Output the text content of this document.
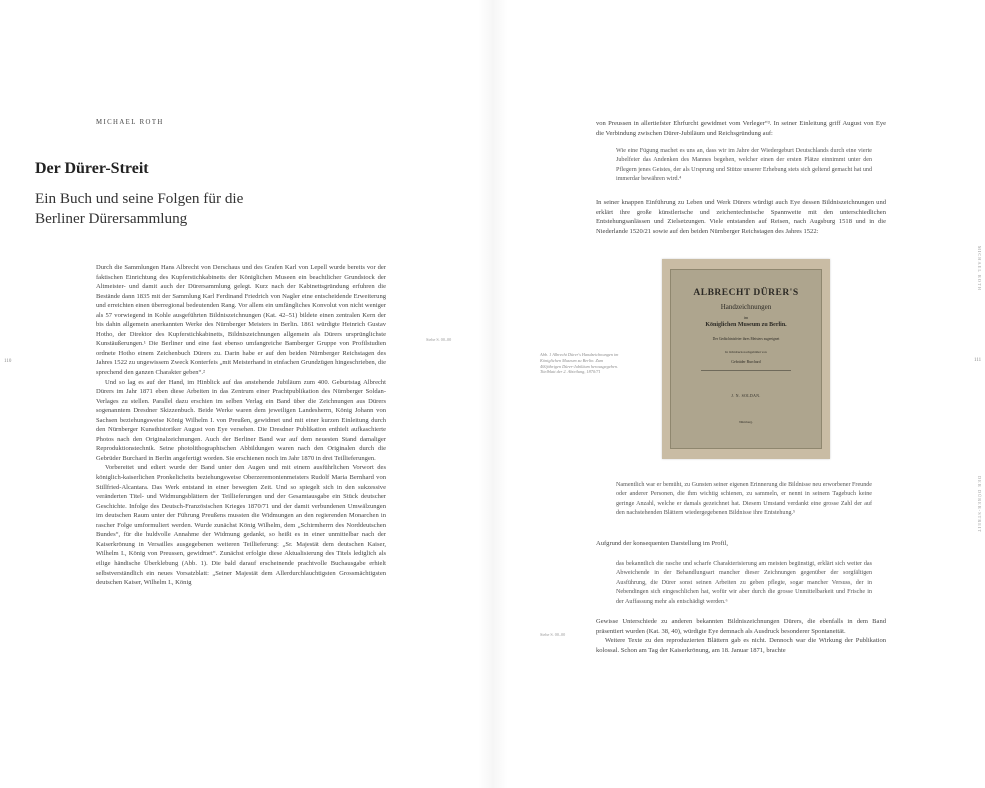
MICHAEL ROTH
Der Dürer-Streit
Ein Buch und seine Folgen für die Berliner Dürersammlung
110
Siehe S. 00–00

Durch die Sammlungen Hans Albrecht von Derschaus und des Grafen Karl von Lepell wurde bereits vor der faktischen Einrichtung des Kupferstichkabinetts der Königlichen Museen ein beachtlicher Grundstock der Altmeister- und damit auch der Dürersammlung gelegt. Kurz nach der Kabinettsgründung erfuhren die Bestände dann 1835 mit der Sammlung Karl Ferdinand Friedrich von Nagler eine entscheidende Erweiterung und erreichten einen überregional bedeutenden Rang. Vor allem ein umfängliches Konvolut von nicht weniger als 57 vorwiegend in Kohle ausgeführten Bildniszeichnungen (Kat. 42–51) bildete einen zentralen Kern der bis dahin allgemein anerkannten Werke des Nürnberger Meisters in Berlin. 1861 würdigte Heinrich Gustav Hotho, der Direktor des Kupferstichkabinetts, Bildniszeichnungen allgemein als Dürers ursprünglichste Kunstäußerungen.¹ Die Berliner und eine fast ebenso umfangreiche Bamberger Gruppe von Profilstudien ordnete Hotho einem Zeichenbuch Dürers zu. Darin habe er auf den beiden Nürnberger Reichstagen des Jahres 1522 zu ungewissem Zweck Konterfeis „mit Meisterhand in einfachen Grundzügen hingeschrieben, die sprechend den ganzen Charakter geben“.²

Und so lag es auf der Hand, im Hinblick auf das anstehende Jubiläum zum 400. Geburtstag Albrecht Dürers im Jahr 1871 eben diese Arbeiten in das Zentrum einer Prachtpublikation des Nürnberger Soldan-Verlages zu stellen. Parallel dazu erschien im selben Verlag ein Band über die Zeichnungen aus Dürers sogenanntem Dresdner Skizzenbuch. Beide Werke waren dem jeweiligen Landesherrn, König Johann von Sachsen beziehungsweise König Wilhelm I. von Preußen, gewidmet und mit einer kurzen Einleitung durch den Nürnberger Kunsthistoriker August von Eye versehen. Die Dresdner Publikation enthielt aufkaschierte Photos nach den Originalzeichnungen. Auch der Berliner Band war auf dem neuesten Stand damaliger Reproduktionstechnik. Seine photolithographischen Abbildungen waren nach den Originalen durch die Gebrüder Burchard in Berlin angefertigt worden. Sie erschienen noch im Jahr 1870 in drei Teillieferungen.

Vorbereitet und ediert wurde der Band unter den Augen und mit einem ausführlichen Vorwort des königlich-kaiserlichen Pronkelicheits beziehungsweise Oberzeremonienmeisters Rudolf Maria Bernhard von Stillfried-Alcantara. Das Werk entstand in einer bewegten Zeit. Und so spiegelt sich in den sukzessive veränderten Titel- und Widmungsblättern der Teillieferungen und der Gesamtausgabe ein Stück deutscher Geschichte. Infolge des Deutsch-Französischen Krieges 1870/71 und der damit verbundenen Umwälzungen im deutschen Raum unter der Führung Preußens mussten die Widmungen an den regierenden Monarchen in rascher Folge umformuliert werden. Wurde zunächst König Wilhelm, dem „Schirmherrn des Norddeutschen Bundes“, für die huldvolle Annahme der Widmung gedankt, so heißt es in einer unmittelbar nach der Kaiserkrönung in Versailles ausgegebenen weiteren Teillieferung: „Sr. Majestät dem deutschen Kaiser, Wilhelm I., König von Preussen, gewidmet“. Zunächst erfolgte diese Aktualisierung des Titels lediglich als eilige händische Überklebung (Abb. 1). Die bald darauf erscheinende prachtvolle Buchausgabe erhielt selbstverständlich ein neues Vorsatzblatt: „Seiner Majestät dem Allerdurchlauchtigsten Grossmächtigsten deutschen Kaiser, Wilhelm I., König

von Preussen in allertiefster Ehrfurcht gewidmet vom Verleger“³. In seiner Einleitung griff August von Eye die Verbindung zwischen Dürer-Jubiläum und Reichsgründung auf:

Wie eine Fügung machet es uns an, dass wir im Jahre der Wiedergeburt Deutschlands durch eine vierte Jubelfeier das Andenken des Mannes begehen, welcher einen der ersten Plätze einnimmt unter den Pflegern jenes Geistes, der als Ursprung und Stütze unserer Erhebung stets sich geltend gemacht hat und immerdar bewähren wird.⁴

In seiner knappen Einführung zu Leben und Werk Dürers würdigt auch Eye dessen Bildniszeichnungen und erklärt ihre große künstlerische und zeichentechnische Spannweite mit den unterschiedlichen Entstehungsanlässen und Zielsetzungen. Viele entstanden auf Reisen, nach Augsburg 1518 und in die Niederlande 1520/21 sowie auf den beiden Nürnberger Reichstagen des Jahres 1522:

Abb. 1 Albrecht Dürer's Handzeichnungen im Königlichen Museum zu Berlin. Zum 400jährigen Dürer-Jubiläum herausgegeben. Titelblatt der 2. Abteilung, 1870/71
ALBRECHT DÜRER'S
Handzeichnungen
im
Königlichen Museum zu Berlin.
Der Gedächtnisfeier ihres Meisters zugeeignet
In lichtdruck nachgebildet von
Gebrüder Burchard
J. N. SOLDAN.
Nürnberg.

Namentlich war er bemüht, zu Gunsten seiner eigenen Erinnerung die Bildnisse neu erworbener Freunde oder anderer Personen, die ihm wichtig schienen, zu sammeln, er nennt in seinem Tagebuch keine geringe Anzahl, welche er damals gezeichnet hat. Diesem Umstand verdankt eine grosse Zahl der auf den nachstehenden Blättern wiedergegebenen Bildnisse ihre Entstehung.⁵

Aufgrund der konsequenten Darstellung im Profil,

das bekanntlich die rasche und scharfe Charakterisierung am meisten begünstigt, erklärt sich weiter das Abweichende in der Behandlungsart mancher dieser Zeichnungen gegenüber der sorgfältigen Ausführung, die Dürer sonst seinen Arbeiten zu geben pflegte, sogar mancher Versuss, der in Nebendingen sich eingeschlichen hat, wofür wir aber durch die grosse Unmittelbarkeit und Frische in der Auffassung mehr als entschädigt werden.⁶

Gewisse Unterschiede zu anderen bekannten Bildniszeichnungen Dürers, die ebenfalls in dem Band präsentiert wurden (Kat. 38, 40), würdigte Eye demnach als Ausdruck besonderer Spontaneität.

Weitere Texte zu den reproduzierten Blättern gab es nicht. Dennoch war die Wirkung der Publikation kolossal. Schon am Tag der Kaiserkrönung, am 18. Januar 1871, brachte

Siehe S. 00–00
111
MICHAEL ROTH
DER DÜRER-STREIT
